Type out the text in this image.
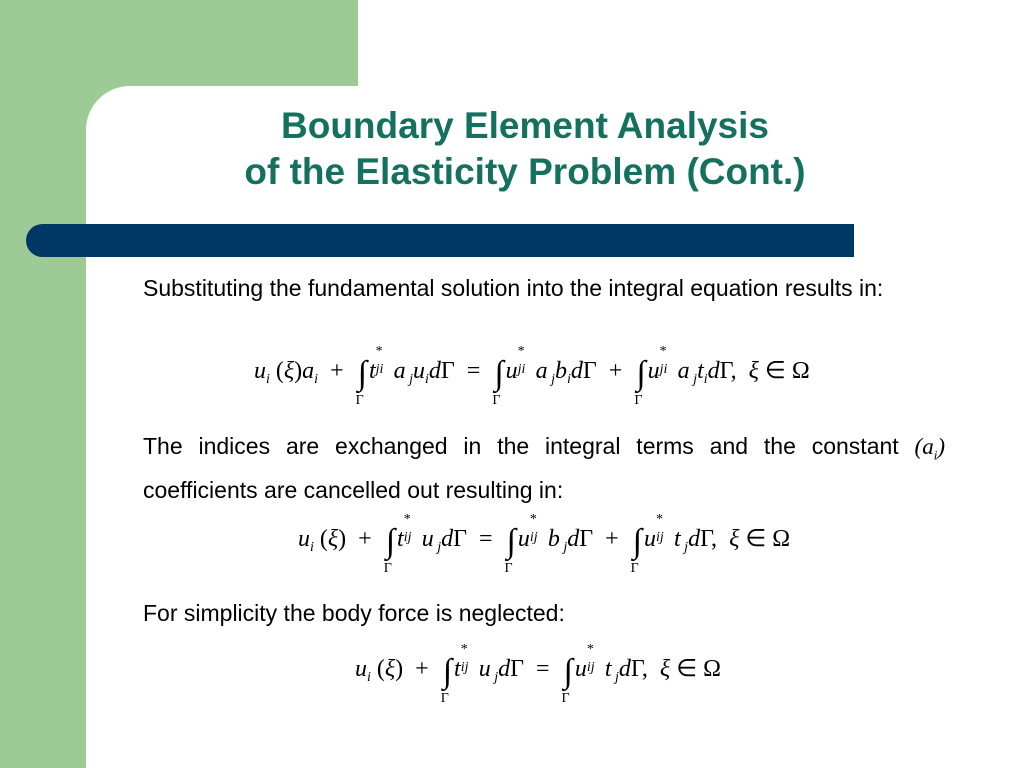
Boundary Element Analysis
of the Elasticity Problem (Cont.)
Substituting the fundamental solution into the integral equation results in:
$u_i$ $(\xi)a_i$ + ∫
Γ
t
*
ji a $_ju_id\Gamma$ = ∫
Γ
u
*
ji a $_jb_id\Gamma$ + ∫
Γ
u
*
ji a $_jt_id\Gamma$,  ξ ∈ Ω
The indices are exchanged in the integral terms and the constant $(a_i)$ coefficients are cancelled out resulting in:
$u_i$ (ξ) + ∫
Γ
t
*
ij u $_j$dΓ = ∫
Γ
u
*
ij b $_j$dΓ + ∫
Γ
u
*
ij t $_j$dΓ,  ξ ∈ Ω
For simplicity the body force is neglected:
$u_i$ (ξ) + ∫
Γ
t
*
ij u $_j$dΓ = ∫
Γ
u
*
ij t $_j$dΓ,  ξ ∈ Ω
